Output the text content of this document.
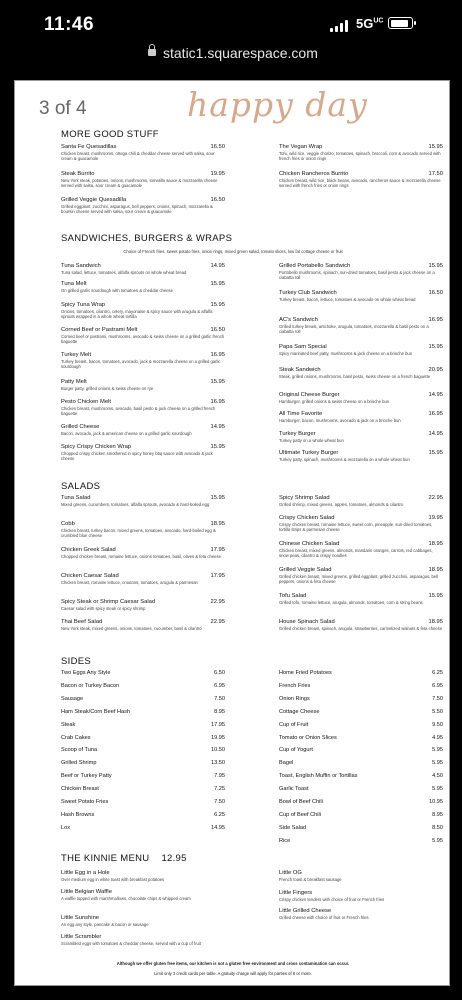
11:46	$5G^{UC}$
static1.squarespace.com
3 of 4	happy day
MORE GOOD STUFF
Santa Fe Quesadillas	16.50
Chicken breast, mushrooms, ortega chili & cheddar cheese served with salsa, sour cream & guacamole
Steak Burrito	19.95
New York steak, potatoes, onions, mushrooms, tomatillo sauce & mozzarella cheese served with salsa, sour cream & guacamole
Grilled Veggie Quesadilla	16.50
Grilled eggplant, zucchini, asparagus, bell peppers, onions, spinach, mozzarella & boursin cheese served with salsa, sour cream & guacamole
The Vegan Wrap	15.95
Tofu, wild rice, veggie chorizo, tomatoes, spinach, broccoli, corn & avocado served with french fries or onion rings
Chicken Rancheros Burrito	17.50
Chicken breast, wild rice, black beans, avocado, rancheros sauce & mozzarella cheese served with french fries or onion rings
SANDWICHES, BURGERS & WRAPS
Choice of French fries, sweet potato fries, onion rings, mixed green salad, tomato slices, low fat cottage cheese or fruit
Tuna Sandwich	14.95
Tuna salad, lettuce, tomatoes, alfalfa sprouts on whole wheat bread
Tuna Melt	15.95
On grilled garlic sourdough with tomatoes & cheddar cheese
Spicy Tuna Wrap	15.95
Onions, tomatoes, cilantro, celery, mayonaise & spicy sauce with arugula & alfalfa sprouts wrapped in a whole wheat tortilla
Corned Beef or Pastrami Melt	16.50
Corned beef or pastrami, mushrooms, avocado & swiss cheese on a grilled garlic french baguette
Turkey Melt	16.95
Turkey breast, bacon, tomatoes, avocado, jack & mozzarella cheese on a grilled garlic sourdough
Patty Melt	15.95
Burger patty, grilled onions & swiss cheese on rye
Pesto Chicken Melt	16.95
Chicken breast, mushrooms, avocado, basil pesto & jack cheese on a grilled french baguette
Grilled Cheese	14.95
Bacon, avocado, jack & american cheese on a grilled garlic sourdough
Spicy Crispy Chicken Wrap	15.95
Chopped crispy chicken smothered in spicy honey bbq sauce with avocado & jack cheese
Grilled Portabello Sandwich	15.95
Portobello mushrooms, spinach, sun-dried tomatoes, basil pesto & jack cheese on a ciabatta roll
Turkey Club Sandwich	16.50
Turkey breast, bacon, lettuce, tomatoes & avocado on whole wheat bread
AC's Sandwich	16.95
Grilled turkey breast, artichoke, arugula, tomatoes, mozzarella & basil pesto on a ciabatta roll
Papa Sam Special	15.95
Spicy marinated beef patty, mushrooms & jack cheese on a brioche bun
Steak Sandwich	20.95
Steak, grilled onions, mushrooms, basil pesto, swiss cheese on a french baguette
Original Cheese Burger	14.95
Hamburger, grilled onions & swiss cheese on a brioche bun
All Time Favorite	16.95
Hamburger, bacon, mushrooms, avocado & jack on a brioche bun
Turkey Burger	14.95
Turkey patty on a whole wheat bun
Ultimate Turkey Burger	15.95
Turkey patty, spinach, mushrooms & mozzarella on a whole wheat bun
SALADS
Tuna Salad	15.95
Mixed greens, cucumbers, tomatoes, alfalfa sprouts, avocado & hard-boiled egg
Cobb	18.95
Chicken breast, turkey bacon, mixed greens, tomatoes, avocado, hard-boiled egg & crumbled blue cheese
Chicken Greek Salad	17.95
Chopped chicken breast, romaine lettuce, onions tomatoes, basil, olives & feta cheese
Chicken Caesar Salad	17.95
Chicken breast, romaine lettuce, croutons, tomatoes, arugula & parmesan
Spicy Steak or Shrimp Caesar Salad	22.95
Caesar salad with spicy steak or spicy shrimp
Thai Beef Salad	22.95
New York steak, mixed greens, onions, tomatoes, cucumber, basil & cilantro
Spicy Shrimp Salad	22.95
Grilled shrimp, mixed greens, apples, tomatoes, almonds & cilantro
Crispy Chicken Salad	19.95
Crispy chicken breast, romaine lettuce, sweet corn, pineapple, sun-dried tomatoes, tortilla strips & parmesan cheese
Chinese Chicken Salad	18.95
Chicken breast, mixed greens, almonds, mandarin oranges, carrots, red cabbages, snow peas, cilantro & crispy noodles
Grilled Veggie Salad	18.95
Grilled chicken breast, mixed greens, grilled eggplant, grilled zucchini, asparagus, bell peppers, onions & feta cheese
Tofu Salad	15.95
Grilled tofu, romaine lettuce, arugula, almonds, tomatoes, corn & string beans
House Spinach Salad	18.95
Grilled chicken breast, spinach, arugula, strawberries, carmelized walnuts & feta cheese
SIDES
Two Eggs Any Style	6.50
Bacon or Turkey Bacon	6.95
Sausage	7.50
Ham Steak/Corn Beef Hash	8.95
Steak	17.95
Crab Cakes	19.95
Scoop of Tuna	10.50
Grilled Shrimp	13.50
Beef or Turkey Patty	7.95
Chicken Breast	7.25
Sweet Potato Fries	7.50
Hash Browns	6.25
Lox	14.95
Home Fried Potatoes	6.25
French Fries	6.95
Onion Rings	7.50
Cottage Cheese	5.50
Cup of Fruit	9.50
Tomato or Onion Slices	4.95
Cup of Yogurt	5.95
Bagel	5.95
Toast, English Muffin or Tortillas	4.50
Garlic Toast	5.95
Bowl of Beef Chili	10.95
Cup of Beef Chili	8.95
Side Salad	8.50
Rice	5.95
THE KINNIE MENU 12.95
Little Egg in a Hole
Over medium egg in white toast with breakfast potatoes
Little Belgian Waffle
A waffle topped with marshmallows, chocolate chips & whipped cream
Little Sunshine
An egg any style, pancake & bacon or sausage
Little Scrambler
Scrambled eggs with tomatoes & cheddar cheese, served with a cup of fruit
Little OG
French toast & breakfast sausage
Little Fingers
Crispy chicken tenders with choice of fruit or French fries
Little Grilled Cheese
Grilled cheese with choice of fruit or French fries
Although we offer gluten free items, our kitchen is not a gluten free environment and cross contamination can occur.
Limit only 3 credit cards per table. A gratuity charge will apply for parties of 6 or more.
